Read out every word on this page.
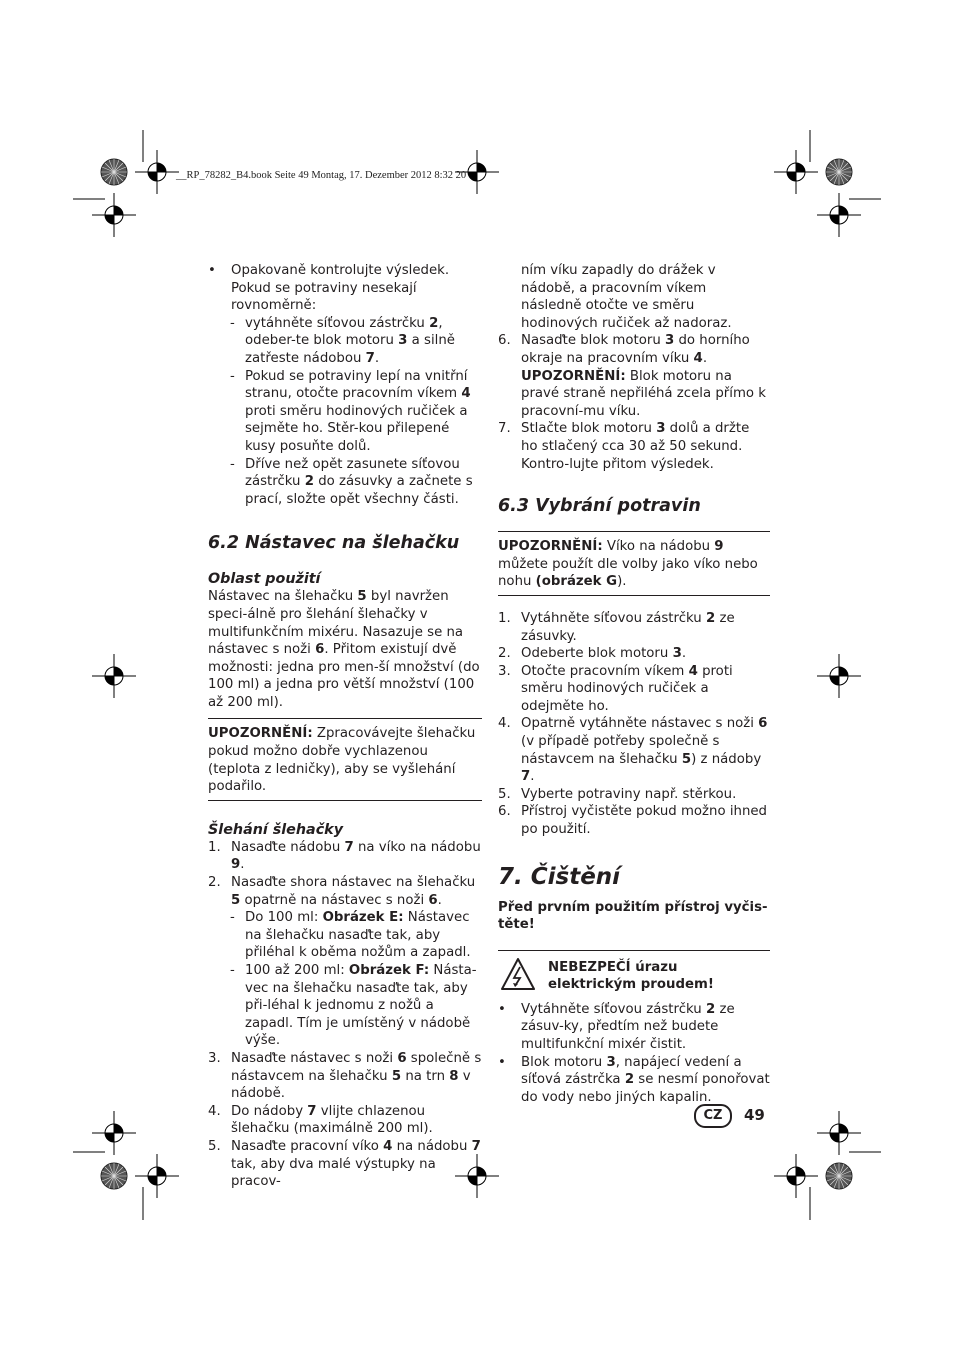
__RP_78282_B4.book Seite 49 Montag, 17. Dezember 2012 8:32 20
• Opakovaně kontrolujte výsledek. Pokud se potraviny nesekají rovnoměrně:
- vytáhněte síťovou zástrčku 2, odeber-te blok motoru 3 a silně zatřeste nádobou 7.
- Pokud se potraviny lepí na vnitřní stranu, otočte pracovním víkem 4 proti směru hodinových ručiček a sejměte ho. Stěr-kou přilepené kusy posuňte dolů.
- Dříve než opět zasunete síťovou zástrčku 2 do zásuvky a začnete s prací, složte opět všechny části.
6.2 Nástavec na šlehačku
Oblast použití

Nástavec na šlehačku 5 byl navržen speci-álně pro šlehání šlehačky v multifunkčním mixéru. Nasazuje se na nástavec s noži 6. Přitom existují dvě možnosti: jedna pro men-ší množství (do 100 ml) a jedna pro větší množství (100 až 200 ml).

UPOZORNĚNÍ: Zpracovávejte šlehačku pokud možno dobře vychlazenou (teplota z ledničky), aby se vyšlehání podařilo.
Šlehání šlehačky
1. Nasaďte nádobu 7 na víko na nádobu 9.
2. Nasaďte shora nástavec na šlehačku 5 opatrně na nástavec s noži 6.
- Do 100 ml: Obrázek E: Nástavec na šlehačku nasaďte tak, aby přiléhal k oběma nožům a zapadl.
- 100 až 200 ml: Obrázek F: Násta-vec na šlehačku nasaďte tak, aby při-léhal k jednomu z nožů a zapadl. Tím je umístěný v nádobě výše.
3. Nasaďte nástavec s noži 6 společně s nástavcem na šlehačku 5 na trn 8 v nádobě.
4. Do nádoby 7 vlijte chlazenou šlehačku (maximálně 200 ml).
5. Nasaďte pracovní víko 4 na nádobu 7 tak, aby dva malé výstupky na pracov-
ním víku zapadly do drážek v nádobě, a pracovním víkem následně otočte ve směru hodinových ručiček až nadoraz.
6. Nasaďte blok motoru 3 do horního okraje na pracovním víku 4.
UPOZORNĚNÍ: Blok motoru na pravé straně nepřiléhá zcela přímo k pracovní-mu víku.
7. Stlačte blok motoru 3 dolů a držte ho stlačený cca 30 až 50 sekund. Kontro-lujte přitom výsledek.
6.3 Vybrání potravin
UPOZORNĚNÍ: Víko na nádobu 9 můžete použít dle volby jako víko nebo nohu (obrázek G).
1. Vytáhněte síťovou zástrčku 2 ze zásuvky.
2. Odeberte blok motoru 3.
3. Otočte pracovním víkem 4 proti směru hodinových ručiček a odejměte ho.
4. Opatrně vytáhněte nástavec s noži 6 (v případě potřeby společně s nástavcem na šlehačku 5) z nádoby 7.
5. Vyberte potraviny např. stěrkou.
6. Přístroj vyčistěte pokud možno ihned po použití.
7. Čištění

Před prvním použitím přístroj vyčis-těte!

NEBEZPEČÍ úrazu elektrickým proudem!
• Vytáhněte síťovou zástrčku 2 ze zásuv-ky, předtím než budete multifunkční mixér čistit.
• Blok motoru 3, napájecí vedení a síťová zástrčka 2 se nesmí ponořovat do vody nebo jiných kapalin.
CZ	49
